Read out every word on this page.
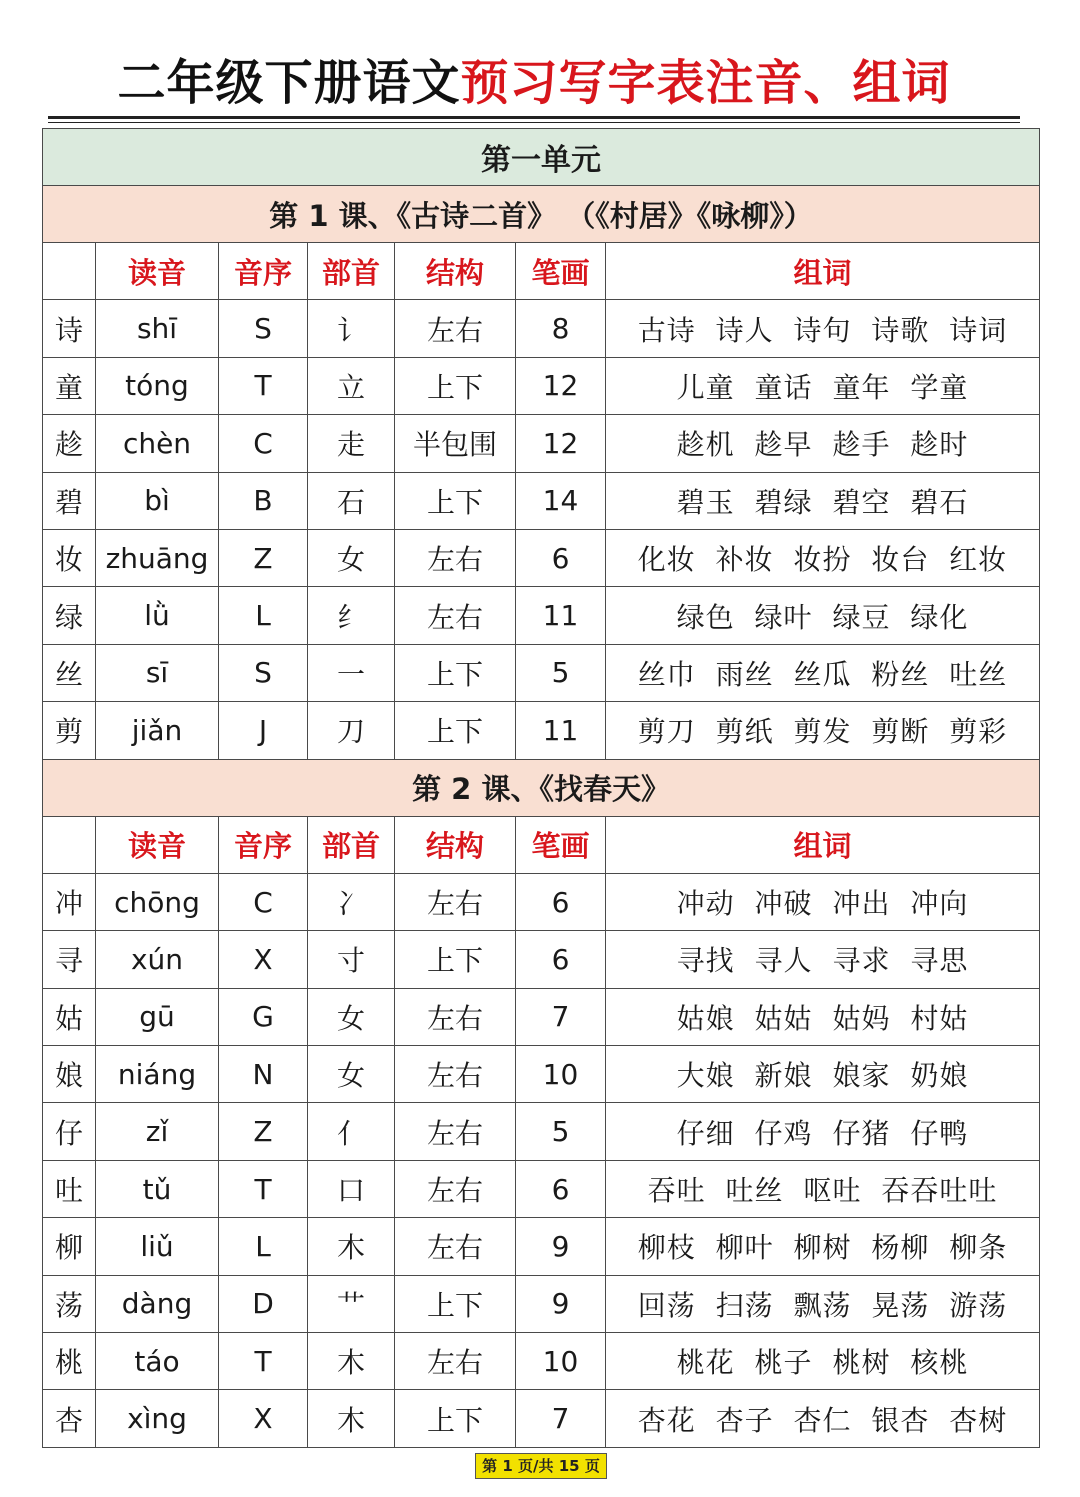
二年级下册语文预习写字表注音、组词
第一单元						
第 1 课、《古诗二首》 （《村居》《咏柳》）						
	读音	音序	部首	结构	笔画	组词
诗	shī	S	讠	左右	8	古诗 诗人 诗句 诗歌 诗词
童	tóng	T	立	上下	12	儿童 童话 童年 学童
趁	chèn	C	走	半包围	12	趁机 趁早 趁手 趁时
碧	bì	B	石	上下	14	碧玉 碧绿 碧空 碧石
妆	zhuāng	Z	女	左右	6	化妆 补妆 妆扮 妆台 红妆
绿	lǜ	L	纟	左右	11	绿色 绿叶 绿豆 绿化
丝	sī	S	一	上下	5	丝巾 雨丝 丝瓜 粉丝 吐丝
剪	jiǎn	J	刀	上下	11	剪刀 剪纸 剪发 剪断 剪彩
第 2 课、《找春天》						
	读音	音序	部首	结构	笔画	组词
冲	chōng	C	冫	左右	6	冲动 冲破 冲出 冲向
寻	xún	X	寸	上下	6	寻找 寻人 寻求 寻思
姑	gū	G	女	左右	7	姑娘 姑姑 姑妈 村姑
娘	niáng	N	女	左右	10	大娘 新娘 娘家 奶娘
仔	zǐ	Z	亻	左右	5	仔细 仔鸡 仔猪 仔鸭
吐	tǔ	T	口	左右	6	吞吐 吐丝 呕吐 吞吞吐吐
柳	liǔ	L	木	左右	9	柳枝 柳叶 柳树 杨柳 柳条
荡	dàng	D	艹	上下	9	回荡 扫荡 飘荡 晃荡 游荡
桃	táo	T	木	左右	10	桃花 桃子 桃树 核桃
杏	xìng	X	木	上下	7	杏花 杏子 杏仁 银杏 杏树
第 1 页/共 15 页
